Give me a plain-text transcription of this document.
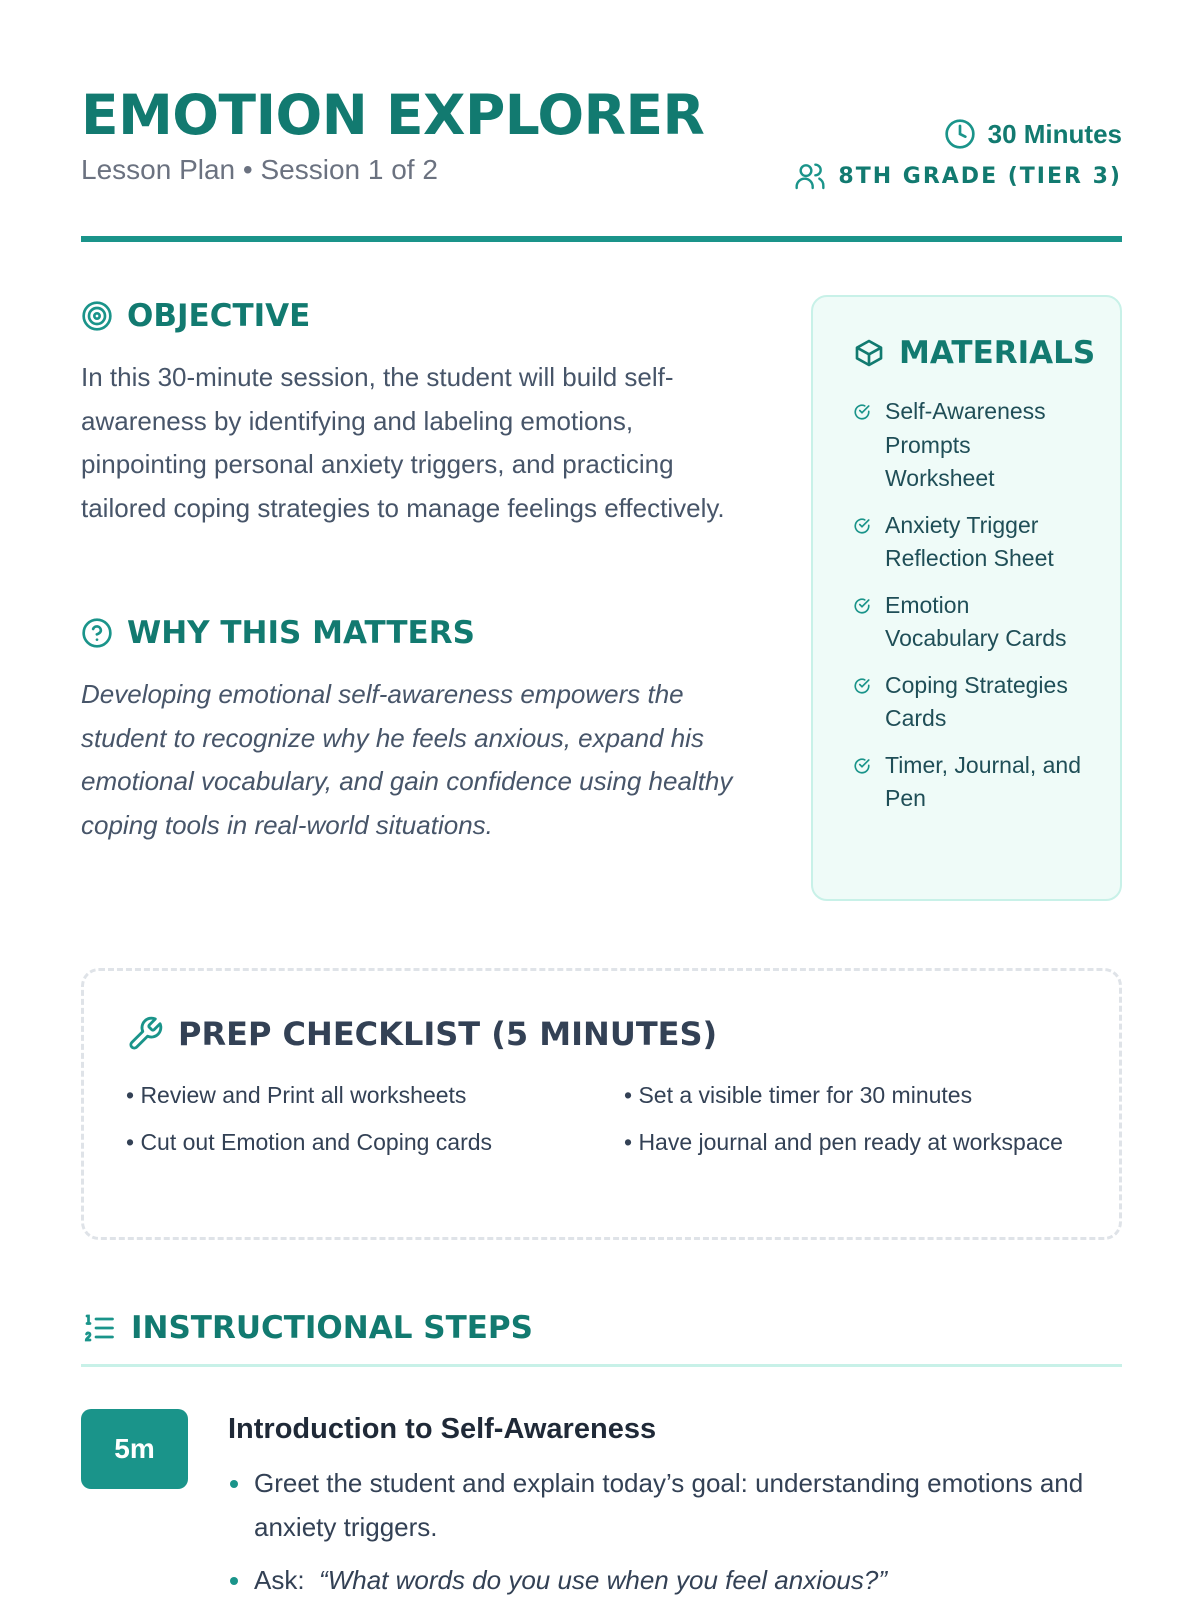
EMOTION EXPLORER
Lesson Plan • Session 1 of 2
30 Minutes
8TH GRADE (TIER 3)
OBJECTIVE

In this 30-minute session, the student will build self-awareness by identifying and labeling emotions, pinpointing personal anxiety triggers, and practicing tailored coping strategies to manage feelings effectively.

WHY THIS MATTERS

Developing emotional self-awareness empowers the student to recognize why he feels anxious, expand his emotional vocabulary, and gain confidence using healthy coping tools in real-world situations.

MATERIALS
Self-Awareness Prompts Worksheet
Anxiety Trigger Reflection Sheet
Emotion Vocabulary Cards
Coping Strategies Cards
Timer, Journal, and Pen
PREP CHECKLIST (5 MINUTES)
• Review and Print all worksheets	• Set a visible timer for 30 minutes
• Cut out Emotion and Coping cards	• Have journal and pen ready at workspace
INSTRUCTIONAL STEPS
5m
Introduction to Self-Awareness
Greet the student and explain today’s goal: understanding emotions and anxiety triggers.
Ask: “What words do you use when you feel anxious?”
